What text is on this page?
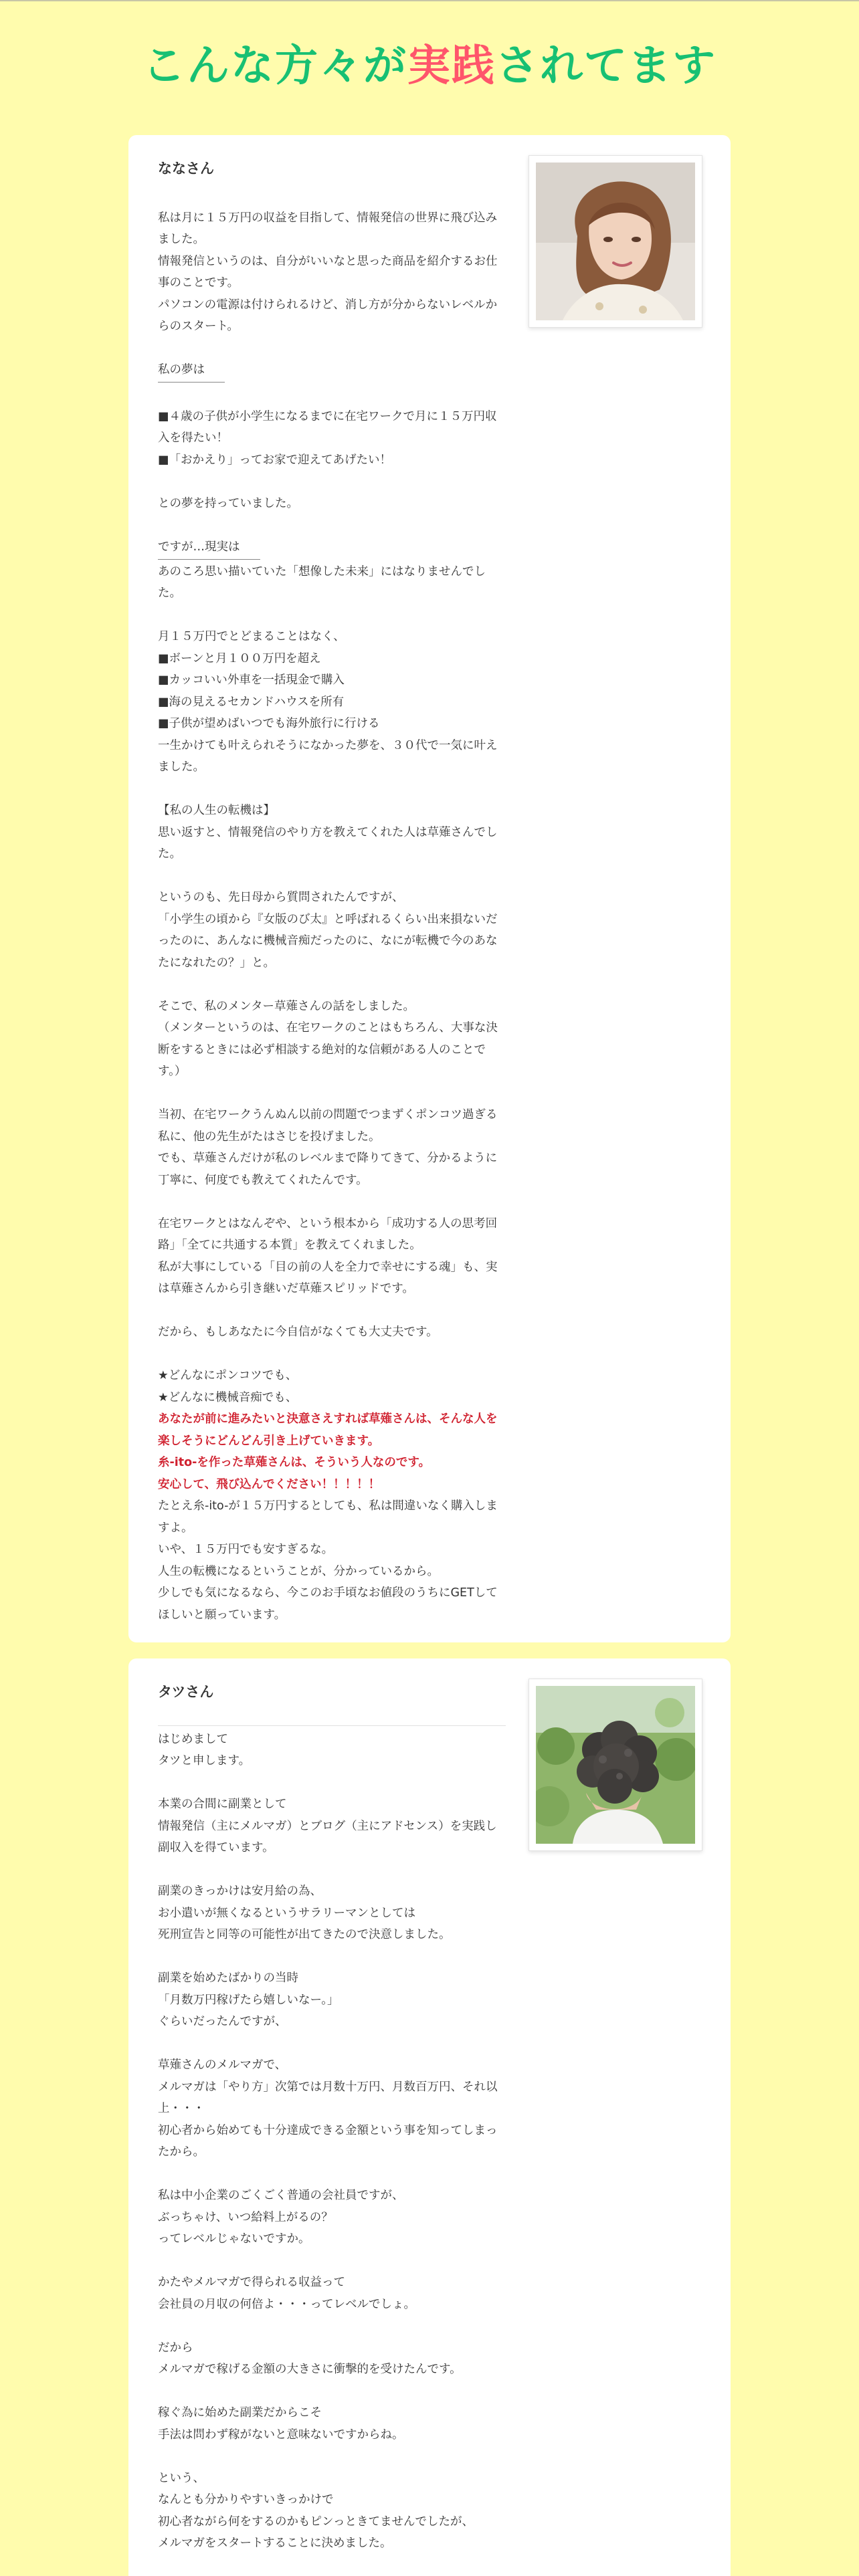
こんな方々が実践されてます
ななさん

私は月に１５万円の収益を目指して、情報発信の世界に飛び込みました。

情報発信というのは、自分がいいなと思った商品を紹介するお仕事のことです。

パソコンの電源は付けられるけど、消し方が分からないレベルからのスタート。

私の夢は

■４歳の子供が小学生になるまでに在宅ワークで月に１５万円収入を得たい！

■「おかえり」ってお家で迎えてあげたい！

との夢を持っていました。

ですが…現実は

あのころ思い描いていた「想像した未来」にはなりませんでした。

月１５万円でとどまることはなく、

■ボーンと月１００万円を超え

■カッコいい外車を一括現金で購入

■海の見えるセカンドハウスを所有

■子供が望めばいつでも海外旅行に行ける

一生かけても叶えられそうになかった夢を、３０代で一気に叶えました。

【私の人生の転機は】

思い返すと、情報発信のやり方を教えてくれた人は草薙さんでした。

というのも、先日母から質問されたんですが、

「小学生の頃から『女版のび太』と呼ばれるくらい出来損ないだったのに、あんなに機械音痴だったのに、なにが転機で今のあなたになれたの？」と。

そこで、私のメンター草薙さんの話をしました。

（メンターというのは、在宅ワークのことはもちろん、大事な決断をするときには必ず相談する絶対的な信頼がある人のことです。）

当初、在宅ワークうんぬん以前の問題でつまずくポンコツ過ぎる私に、他の先生がたはさじを投げました。

でも、草薙さんだけが私のレベルまで降りてきて、分かるように丁寧に、何度でも教えてくれたんです。

在宅ワークとはなんぞや、という根本から「成功する人の思考回路」「全てに共通する本質」を教えてくれました。

私が大事にしている「目の前の人を全力で幸せにする魂」も、実は草薙さんから引き継いだ草薙スピリッドです。

だから、もしあなたに今自信がなくても大丈夫です。

★どんなにポンコツでも、

★どんなに機械音痴でも、

あなたが前に進みたいと決意さえすれば草薙さんは、そんな人を楽しそうにどんどん引き上げていきます。

糸-ito-を作った草薙さんは、そういう人なのです。

安心して、飛び込んでください！！！！！

たとえ糸-ito-が１５万円するとしても、私は間違いなく購入しますよ。

いや、１５万円でも安すぎるな。

人生の転機になるということが、分かっているから。

少しでも気になるなら、今このお手頃なお値段のうちにGETしてほしいと願っています。

タツさん

はじめまして

タツと申します。

本業の合間に副業として

情報発信（主にメルマガ）とブログ（主にアドセンス）を実践し副収入を得ています。

副業のきっかけは安月給の為、

お小遣いが無くなるというサラリーマンとしては

死刑宣告と同等の可能性が出てきたので決意しました。

副業を始めたばかりの当時

「月数万円稼げたら嬉しいなー。」

ぐらいだったんですが、

草薙さんのメルマガで、

メルマガは「やり方」次第では月数十万円、月数百万円、それ以上・・・

初心者から始めても十分達成できる金額という事を知ってしまったから。

私は中小企業のごくごく普通の会社員ですが、

ぶっちゃけ、いつ給料上がるの？

ってレベルじゃないですか。

かたやメルマガで得られる収益って

会社員の月収の何倍よ・・・ってレベルでしょ。

だから

メルマガで稼げる金額の大きさに衝撃的を受けたんです。

稼ぐ為に始めた副業だからこそ

手法は問わず稼がないと意味ないですからね。

という、

なんとも分かりやすいきっかけで

初心者ながら何をするのかもピンっときてませんでしたが、

メルマガをスタートすることに決めました。
